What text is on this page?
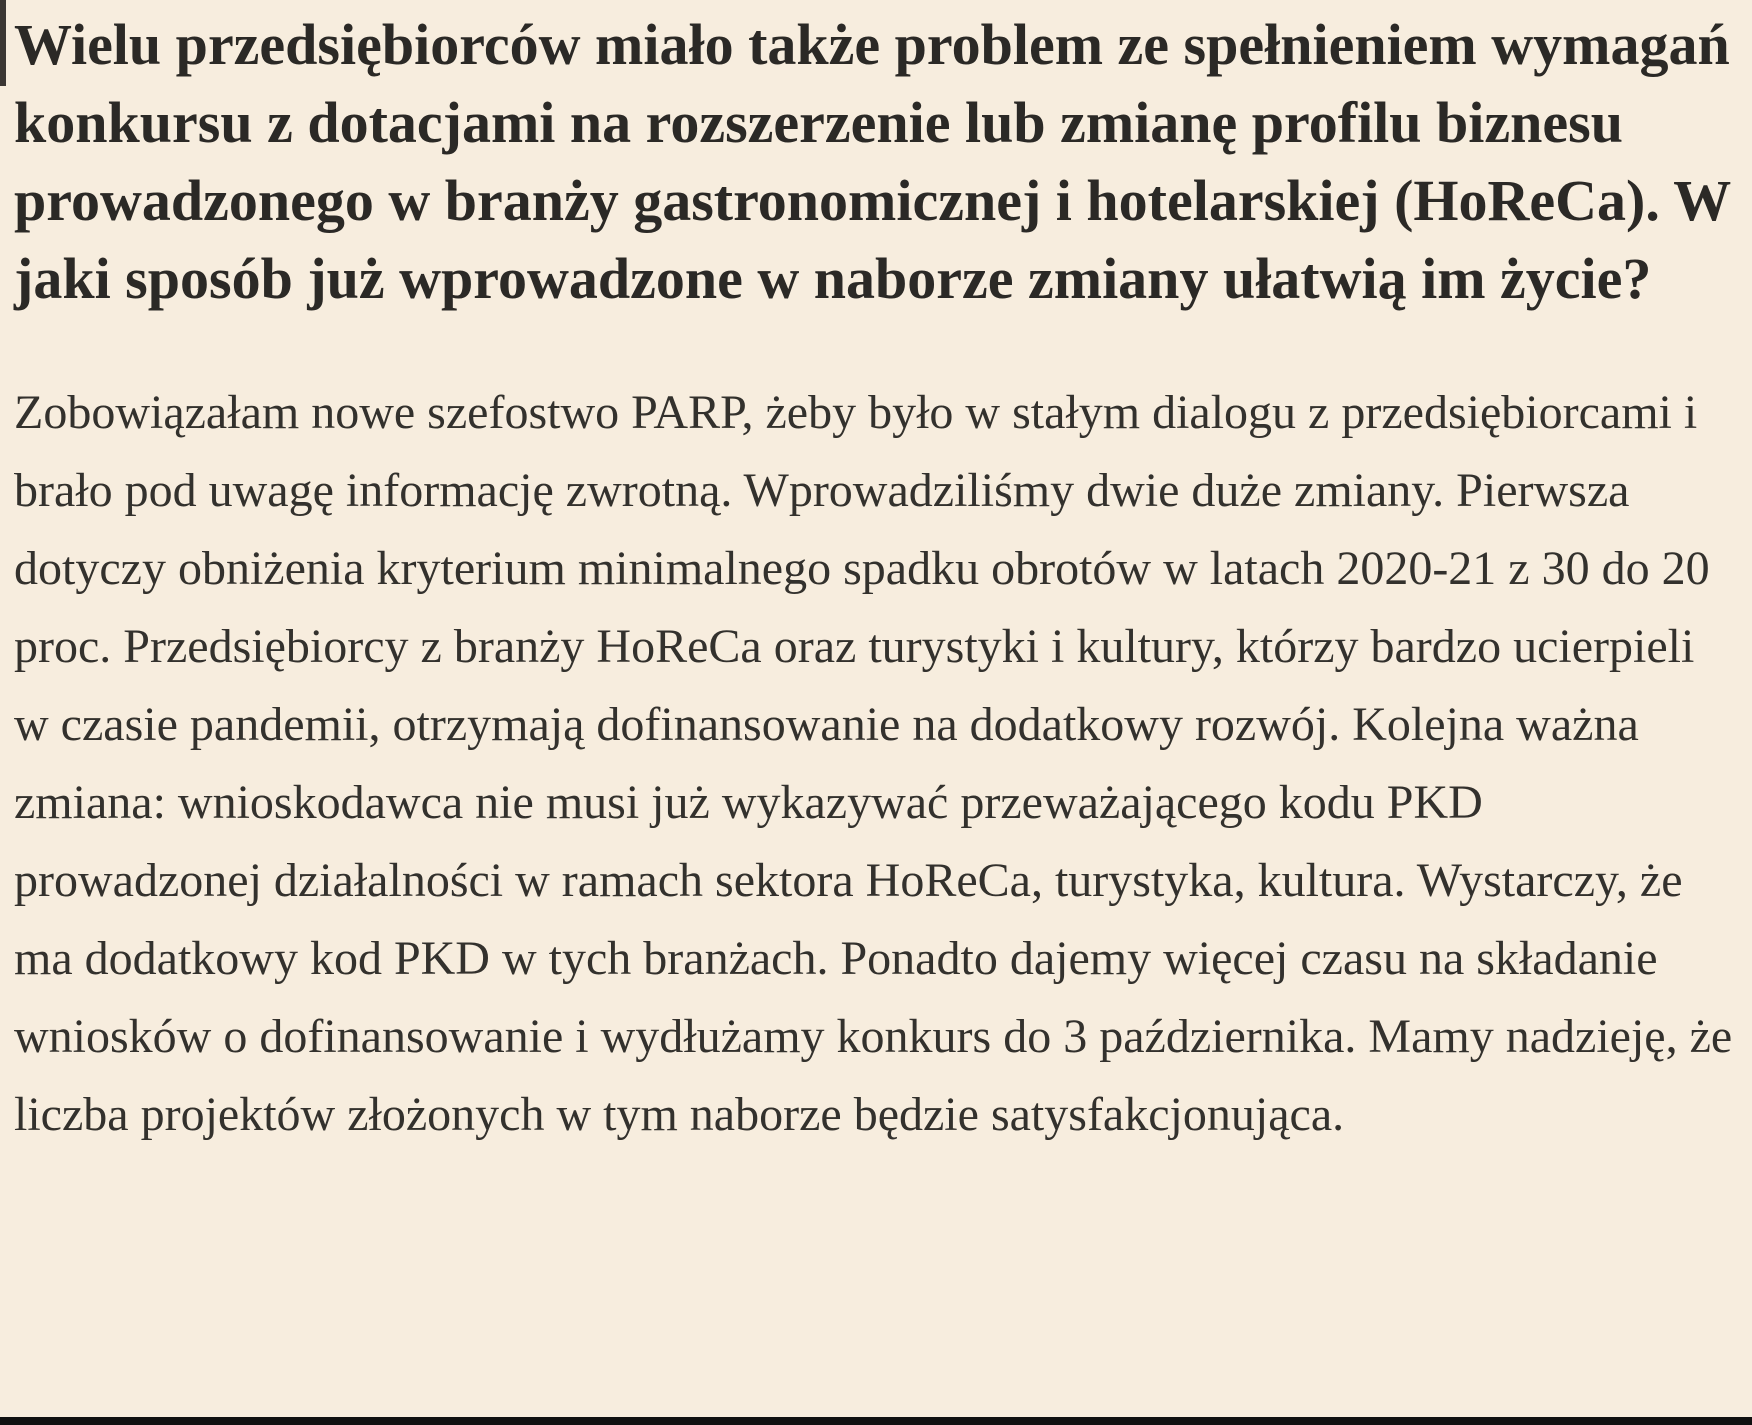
Wielu przedsiębiorców miało także problem ze spełnieniem wymagań konkursu z dotacjami na rozszerzenie lub zmianę profilu biznesu prowadzonego w branży gastronomicznej i hotelarskiej (HoReCa). W jaki sposób już wprowadzone w naborze zmiany ułatwią im życie?

Zobowiązałam nowe szefostwo PARP, żeby było w stałym dialogu z przedsiębiorcami i brało pod uwagę informację zwrotną. Wprowadziliśmy dwie duże zmiany. Pierwsza dotyczy obniżenia kryterium minimalnego spadku obrotów w latach 2020-21 z 30 do 20 proc. Przedsiębiorcy z branży HoReCa oraz turystyki i kultury, którzy bardzo ucierpieli w czasie pandemii, otrzymają dofinansowanie na dodatkowy rozwój. Kolejna ważna zmiana: wnioskodawca nie musi już wykazywać przeważającego kodu PKD prowadzonej działalności w ramach sektora HoReCa, turystyka, kultura. Wystarczy, że ma dodatkowy kod PKD w tych branżach. Ponadto dajemy więcej czasu na składanie wniosków o dofinansowanie i wydłużamy konkurs do 3 października. Mamy nadzieję, że liczba projektów złożonych w tym naborze będzie satysfakcjonująca.
